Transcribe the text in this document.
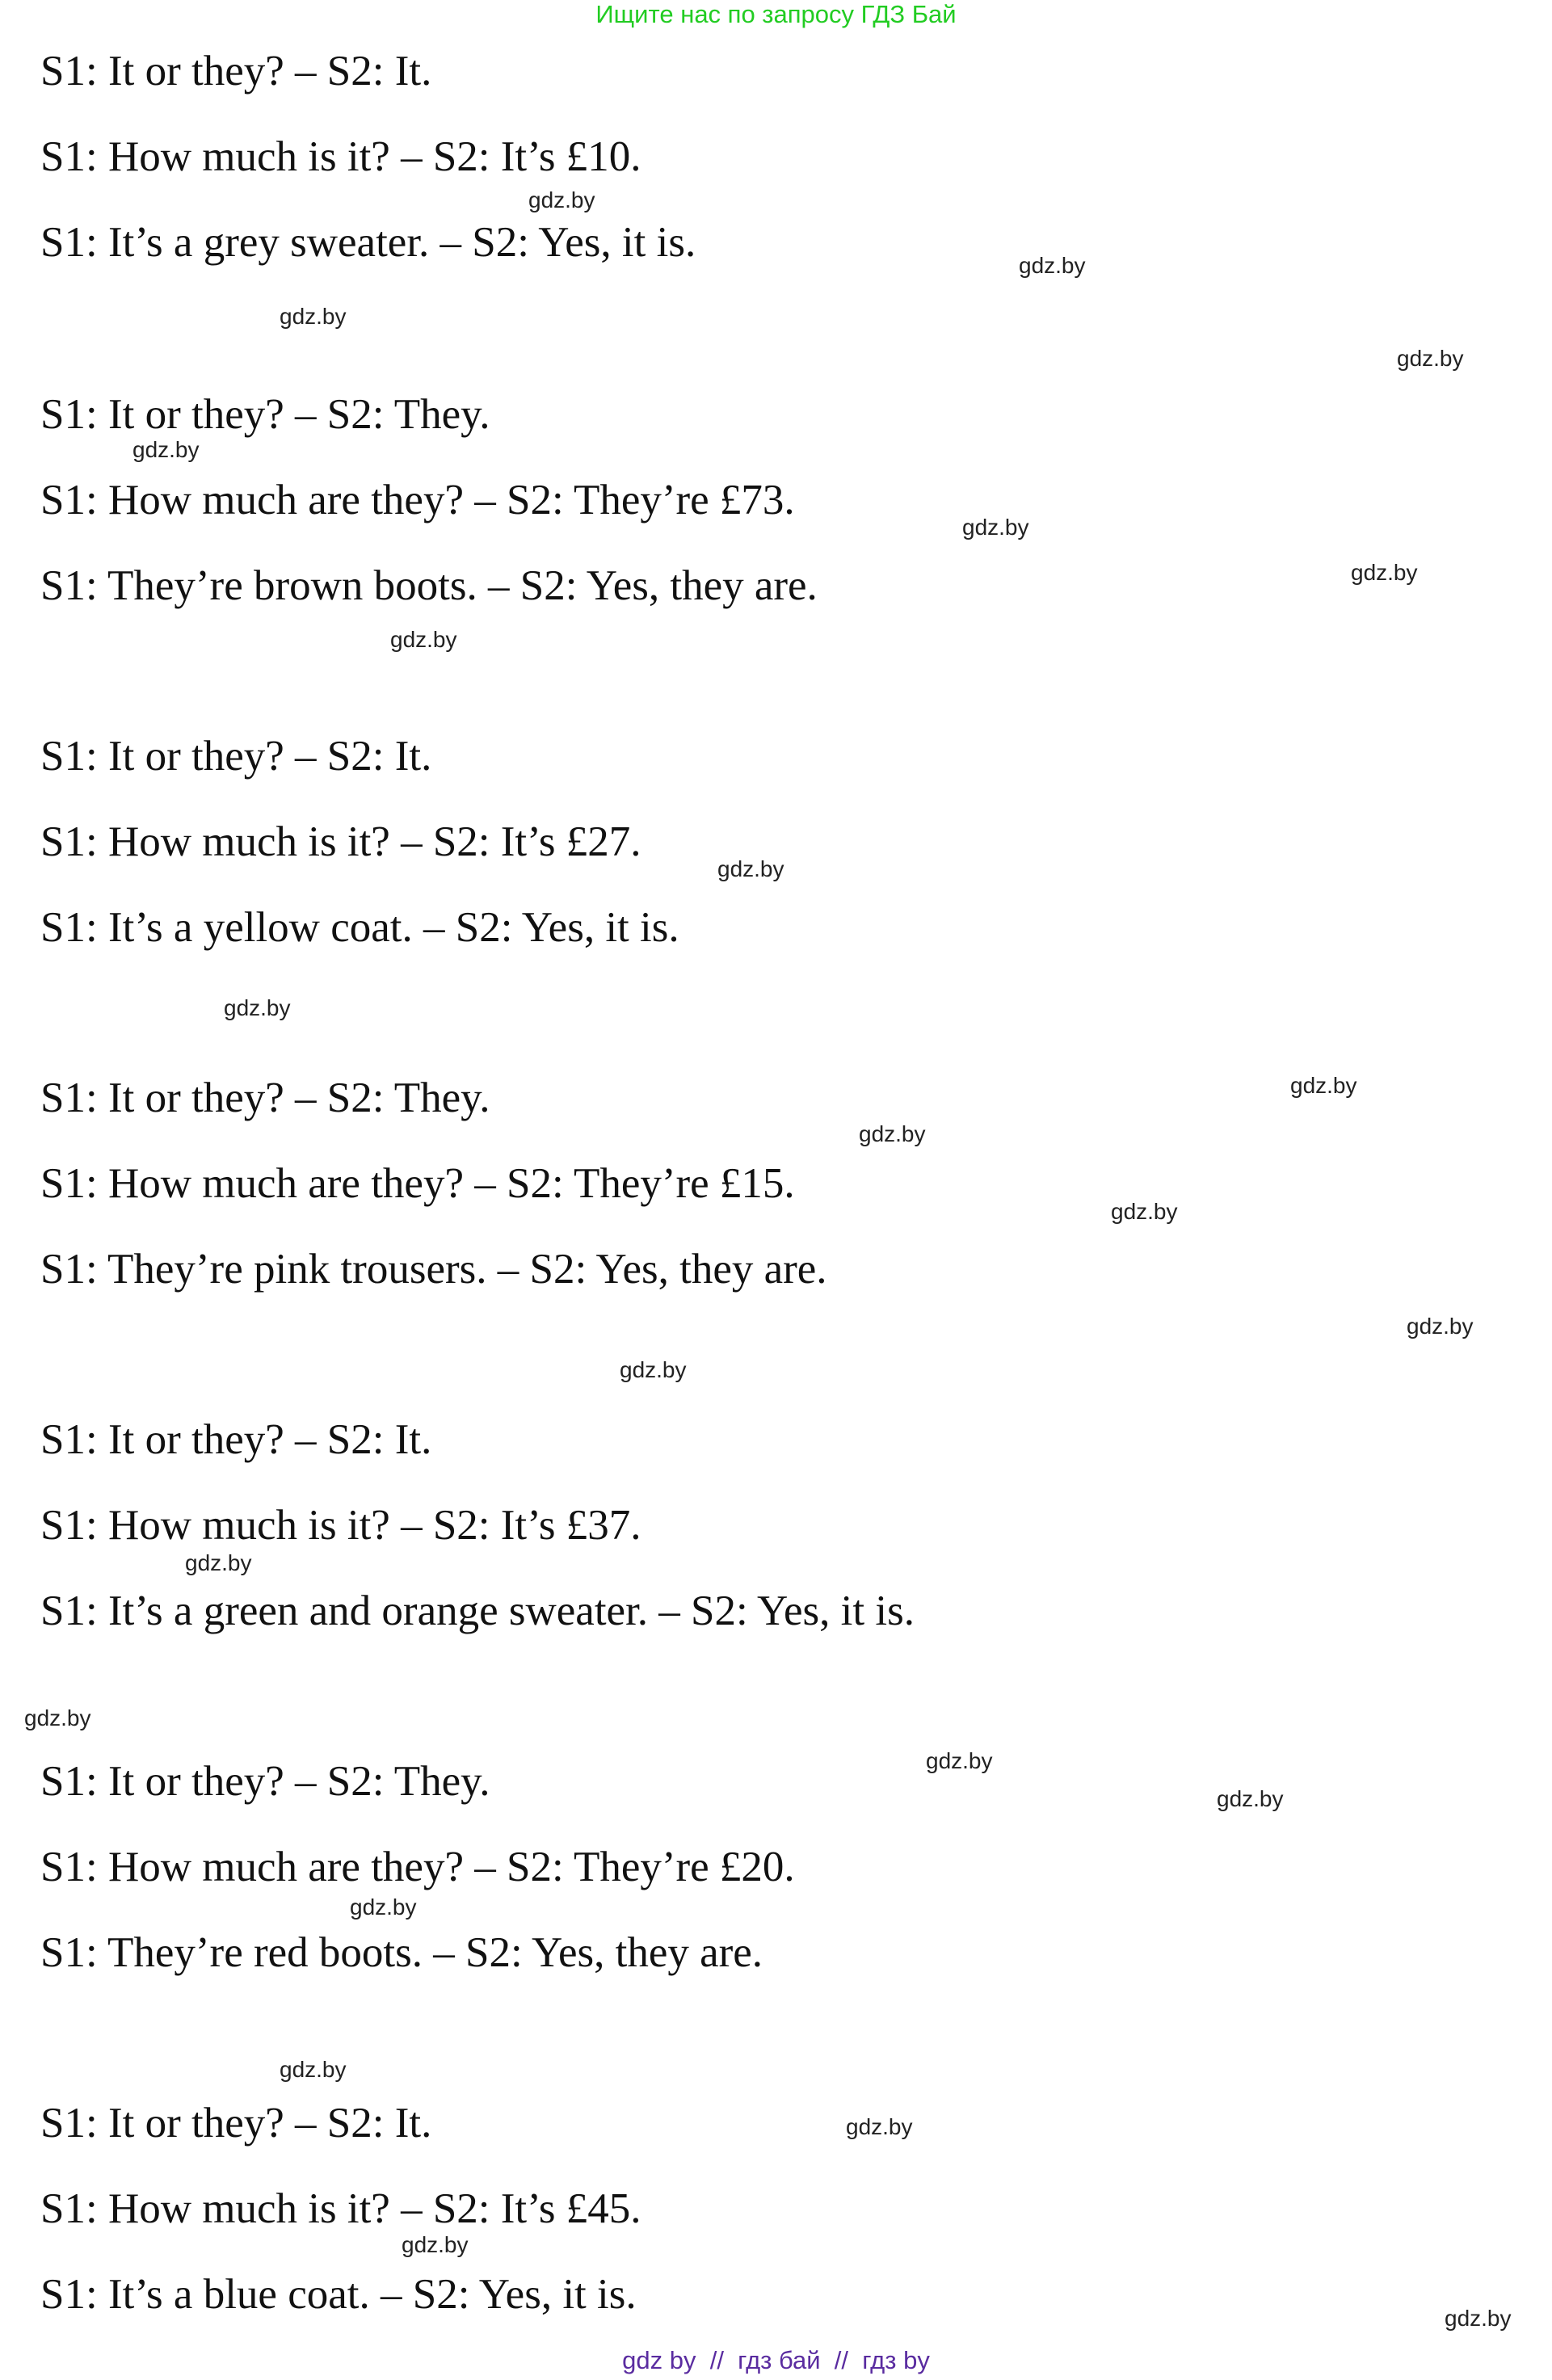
Ищите нас по запросу ГДЗ Бай
S1: It or they? – S2: It.
S1: How much is it? – S2: It’s £10.
S1: It’s a grey sweater. – S2: Yes, it is.
S1: It or they? – S2: They.
S1: How much are they? – S2: They’re £73.
S1: They’re brown boots. – S2: Yes, they are.
S1: It or they? – S2: It.
S1: How much is it? – S2: It’s £27.
S1: It’s a yellow coat. – S2: Yes, it is.
S1: It or they? – S2: They.
S1: How much are they? – S2: They’re £15.
S1: They’re pink trousers. – S2: Yes, they are.
S1: It or they? – S2: It.
S1: How much is it? – S2: It’s £37.
S1: It’s a green and orange sweater. – S2: Yes, it is.
S1: It or they? – S2: They.
S1: How much are they? – S2: They’re £20.
S1: They’re red boots. – S2: Yes, they are.
S1: It or they? – S2: It.
S1: How much is it? – S2: It’s £45.
S1: It’s a blue coat. – S2: Yes, it is.
gdz.by
gdz.by
gdz.by
gdz.by
gdz.by
gdz.by
gdz.by
gdz.by
gdz.by
gdz.by
gdz.by
gdz.by
gdz.by
gdz.by
gdz.by
gdz.by
gdz.by
gdz.by
gdz.by
gdz.by
gdz.by
gdz.by
gdz.by
gdz.by
gdz by  //  гдз бай  //  гдз by
